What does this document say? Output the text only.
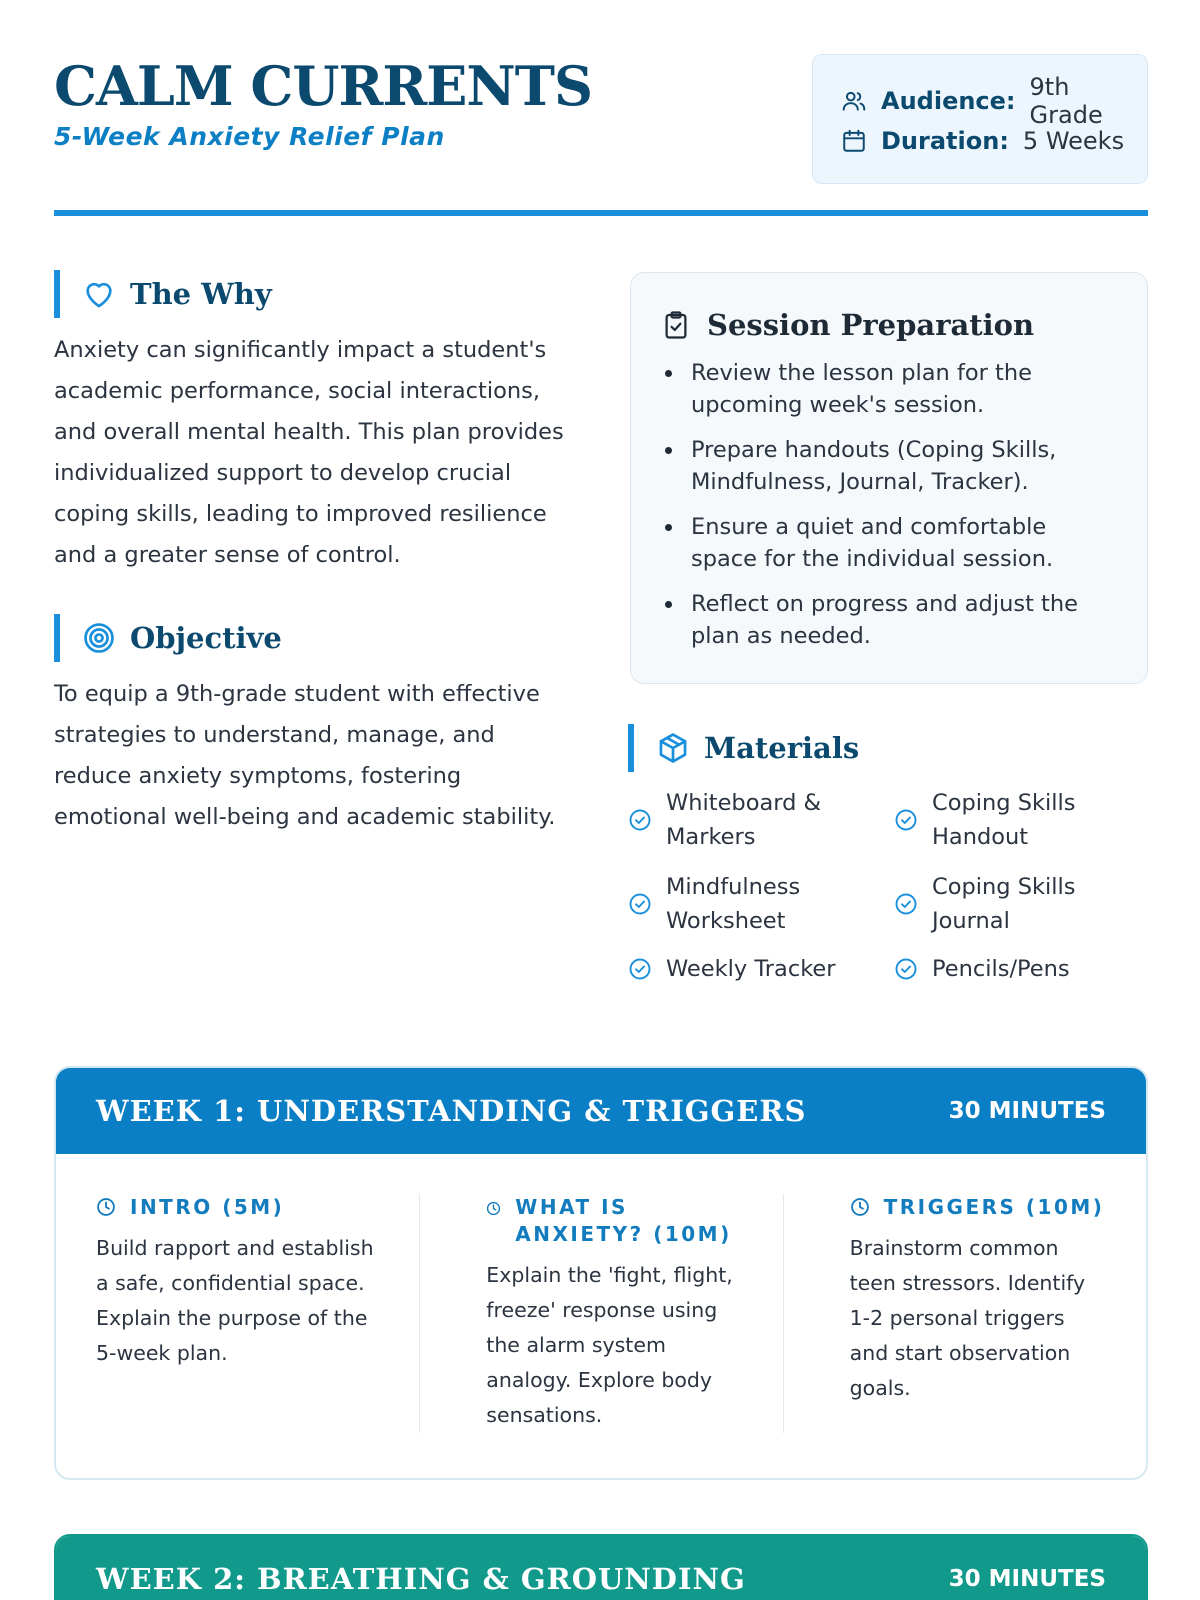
CALM CURRENTS
5-Week Anxiety Relief Plan
Audience: 9th Grade
Duration: 5 Weeks
The Why
Anxiety can significantly impact a student's academic performance, social interactions, and overall mental health. This plan provides individualized support to develop crucial coping skills, leading to improved resilience and a greater sense of control.
Objective
To equip a 9th-grade student with effective strategies to understand, manage, and reduce anxiety symptoms, fostering emotional well-being and academic stability.
Session Preparation
Review the lesson plan for the upcoming week's session.
Prepare handouts (Coping Skills, Mindfulness, Journal, Tracker).
Ensure a quiet and comfortable space for the individual session.
Reflect on progress and adjust the plan as needed.
Materials
Whiteboard & Markers
Coping Skills Handout
Mindfulness Worksheet
Coping Skills Journal
Weekly Tracker	Pencils/Pens
WEEK 1: UNDERSTANDING & TRIGGERS	30 MINUTES
INTRO (5M)
Build rapport and establish a safe, confidential space. Explain the purpose of the 5-week plan.
WHAT IS ANXIETY? (10M)
Explain the 'fight, flight, freeze' response using the alarm system analogy. Explore body sensations.
TRIGGERS (10M)
Brainstorm common teen stressors. Identify 1-2 personal triggers and start observation goals.
WEEK 2: BREATHING & GROUNDING	30 MINUTES
